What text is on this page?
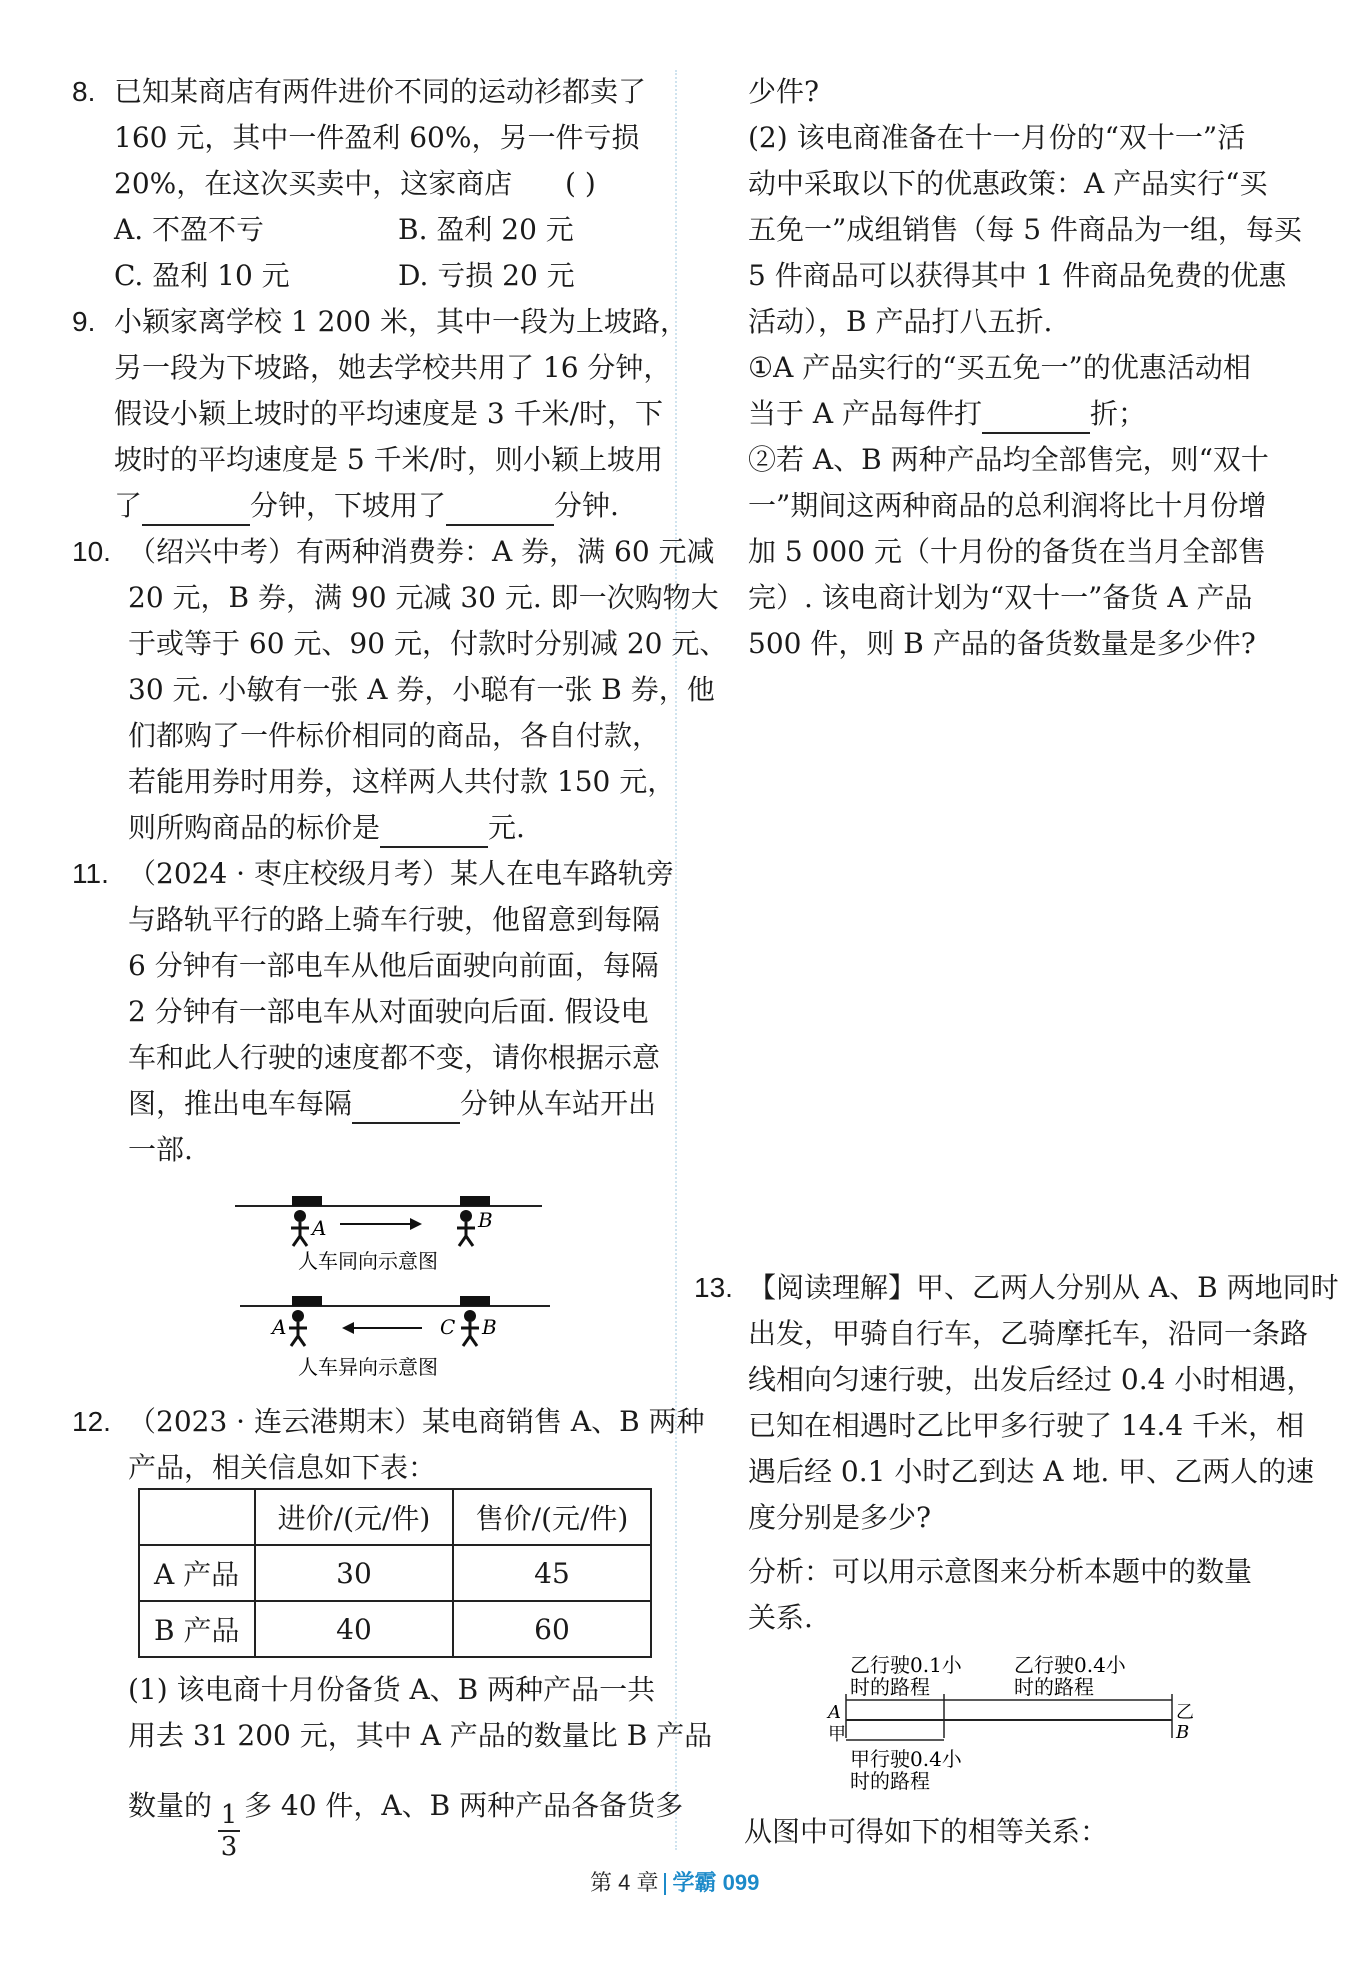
8. 已知某商店有两件进价不同的运动衫都卖了
160 元，其中一件盈利 60%，另一件亏损
20%，在这次买卖中，这家商店 ( )
A. 不盈不亏	B. 盈利 20 元
C. 盈利 10 元	D. 亏损 20 元
9. 小颖家离学校 1 200 米，其中一段为上坡路，
另一段为下坡路，她去学校共用了 16 分钟，
假设小颖上坡时的平均速度是 3 千米/时，下
坡时的平均速度是 5 千米/时，则小颖上坡用
了	分钟，下坡用了	分钟.
10. （绍兴中考）有两种消费券：A 券，满 60 元减
20 元，B 券，满 90 元减 30 元. 即一次购物大
于或等于 60 元、90 元，付款时分别减 20 元、
30 元. 小敏有一张 A 券，小聪有一张 B 券，他
们都购了一件标价相同的商品，各自付款，
若能用券时用券，这样两人共付款 150 元，
则所购商品的标价是	元.
11. （2024 · 枣庄校级月考）某人在电车路轨旁
与路轨平行的路上骑车行驶，他留意到每隔
6 分钟有一部电车从他后面驶向前面，每隔
2 分钟有一部电车从对面驶向后面. 假设电
车和此人行驶的速度都不变，请你根据示意
图，推出电车每隔	分钟从车站开出
一部.
A	B
人车同向示意图
A	C B
人车异向示意图
12. （2023 · 连云港期末）某电商销售 A、B 两种
产品，相关信息如下表：
	进价/(元/件)	售价/(元/件)
A 产品	30	45
B 产品	40	60
(1) 该电商十月份备货 A、B 两种产品一共
用去 31 200 元，其中 A 产品的数量比 B 产品
数量的 $\frac{1}{3}$ 多 40 件，A、B 两种产品各备货多
少件?
(2) 该电商准备在十一月份的“双十一”活
动中采取以下的优惠政策：A 产品实行“买
五免一”成组销售（每 5 件商品为一组，每买
5 件商品可以获得其中 1 件商品免费的优惠
活动），B 产品打八五折.
①A 产品实行的“买五免一”的优惠活动相
当于 A 产品每件打	折；
②若 A、B 两种产品均全部售完，则“双十
一”期间这两种商品的总利润将比十月份增
加 5 000 元（十月份的备货在当月全部售
完）. 该电商计划为“双十一”备货 A 产品
500 件，则 B 产品的备货数量是多少件?
13. 【阅读理解】甲、乙两人分别从 A、B 两地同时
出发，甲骑自行车，乙骑摩托车，沿同一条路
线相向匀速行驶，出发后经过 0.4 小时相遇，
已知在相遇时乙比甲多行驶了 14.4 千米，相
遇后经 0.1 小时乙到达 A 地. 甲、乙两人的速
度分别是多少?
分析：可以用示意图来分析本题中的数量
关系.
乙行驶0.1小
时的路程
乙行驶0.4小
时的路程
A
甲
乙
B
甲行驶0.4小
时的路程
从图中可得如下的相等关系：
第 4 章 学霸 099
